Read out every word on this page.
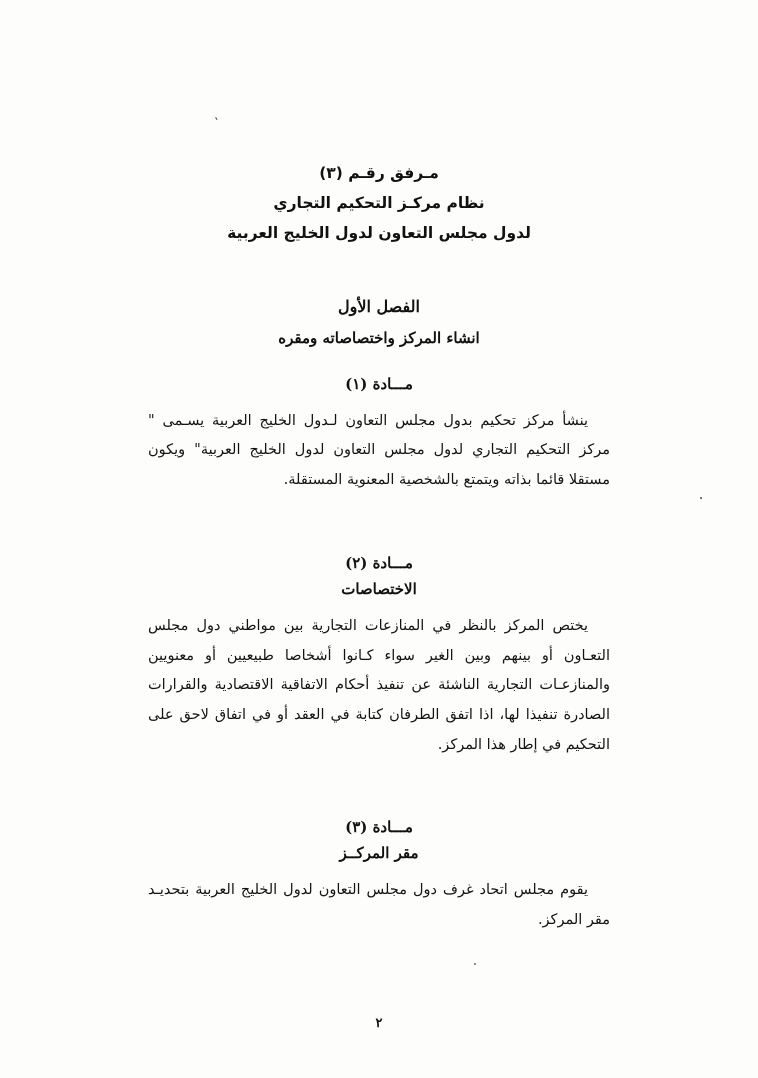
`
مـرفق رقـم (٣)
نظام مركـز التحكيم التجاري
لدول مجلس التعاون لدول الخليج العربية
الفصل الأول
انشاء المركز واختصاصاته ومقره
مـــادة (١)
ينشأ مركز تحكيم بدول مجلس التعاون لـدول الخليج العربية يسـمى " مركز التحكيم التجاري لدول مجلس التعاون لدول الخليج العربية" ويكون مستقلا قائما بذاته ويتمتع بالشخصية المعنوية المستقلة.
مـــادة (٢)
الاختصاصات
يختص المركز بالنظر في المنازعات التجارية بين مواطني دول مجلس التعـاون أو بينهم وبين الغير سواء كـانوا أشخاصا طبيعيين أو معنويين والمنازعـات التجارية الناشئة عن تنفيذ أحكام الاتفاقية الاقتصادية والقرارات الصادرة تنفيذا لها، اذا اتفق الطرفان كتابة في العقد أو في اتفاق لاحق على التحكيم في إطار هذا المركز.
مـــادة (٣)
مقر المركــز
يقوم مجلس اتحاد غرف دول مجلس التعاون لدول الخليج العربية بتحديـد مقر المركز.
٢
